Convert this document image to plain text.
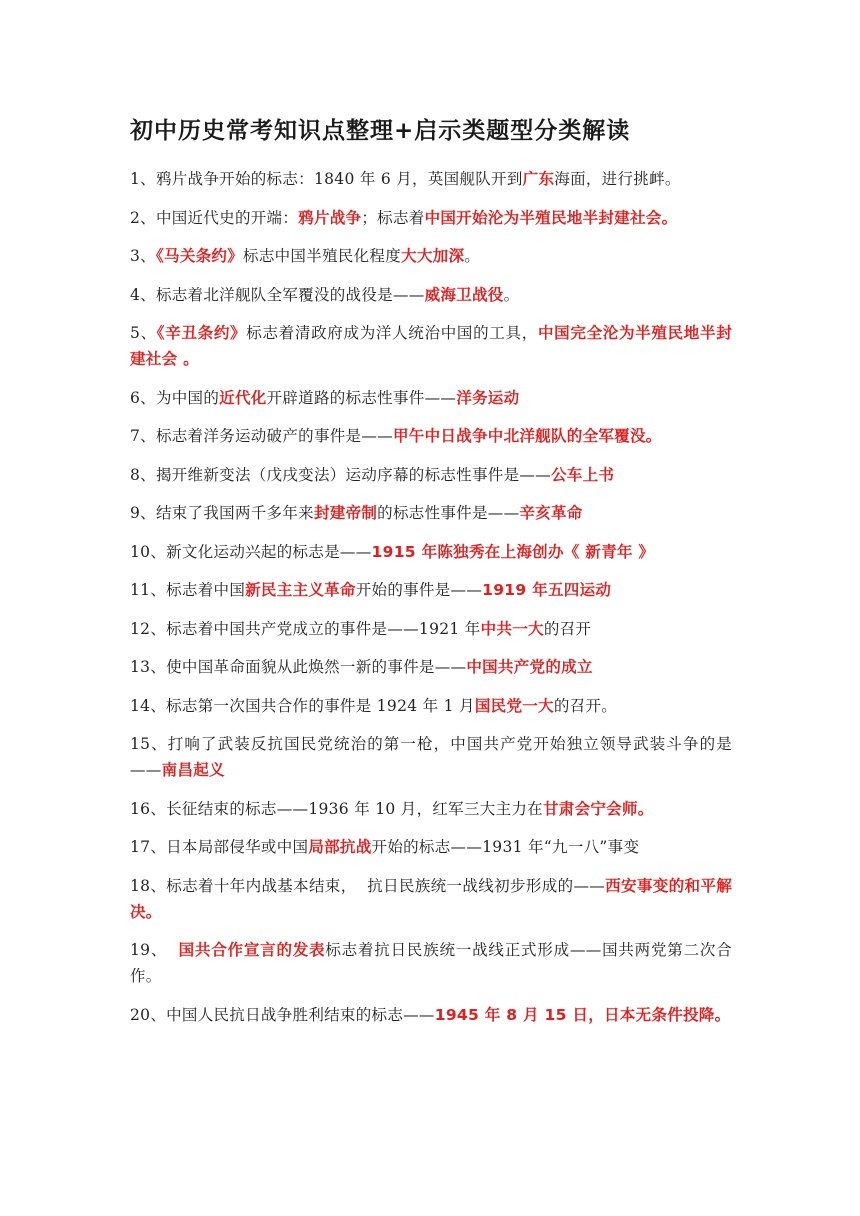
初中历史常考知识点整理+启示类题型分类解读
1、鸦片战争开始的标志：1840 年 6 月，英国舰队开到广东海面，进行挑衅。
2、中国近代史的开端：鸦片战争；标志着中国开始沦为半殖民地半封建社会。
3、《马关条约》标志中国半殖民化程度大大加深。
4、标志着北洋舰队全军覆没的战役是——威海卫战役。
5、《辛丑条约》标志着清政府成为洋人统治中国的工具，中国完全沦为半殖民地半封建社会 。
6、为中国的近代化开辟道路的标志性事件——洋务运动
7、标志着洋务运动破产的事件是——甲午中日战争中北洋舰队的全军覆没。
8、揭开维新变法（戊戌变法）运动序幕的标志性事件是——公车上书
9、结束了我国两千多年来封建帝制的标志性事件是——辛亥革命
10、新文化运动兴起的标志是——1915 年陈独秀在上海创办《 新青年 》
11、标志着中国新民主主义革命开始的事件是——1919 年五四运动
12、标志着中国共产党成立的事件是——1921 年中共一大的召开
13、使中国革命面貌从此焕然一新的事件是——中国共产党的成立
14、标志第一次国共合作的事件是 1924 年 1 月国民党一大的召开。
15、打响了武装反抗国民党统治的第一枪，中国共产党开始独立领导武装斗争的是——南昌起义
16、长征结束的标志——1936 年 10 月，红军三大主力在甘肃会宁会师。
17、日本局部侵华或中国局部抗战开始的标志——1931 年“九一八”事变
18、标志着十年内战基本结束，  抗日民族统一战线初步形成的——西安事变的和平解决。
19、  国共合作宣言的发表标志着抗日民族统一战线正式形成——国共两党第二次合作。
20、中国人民抗日战争胜利结束的标志——1945 年 8 月 15 日，日本无条件投降。
